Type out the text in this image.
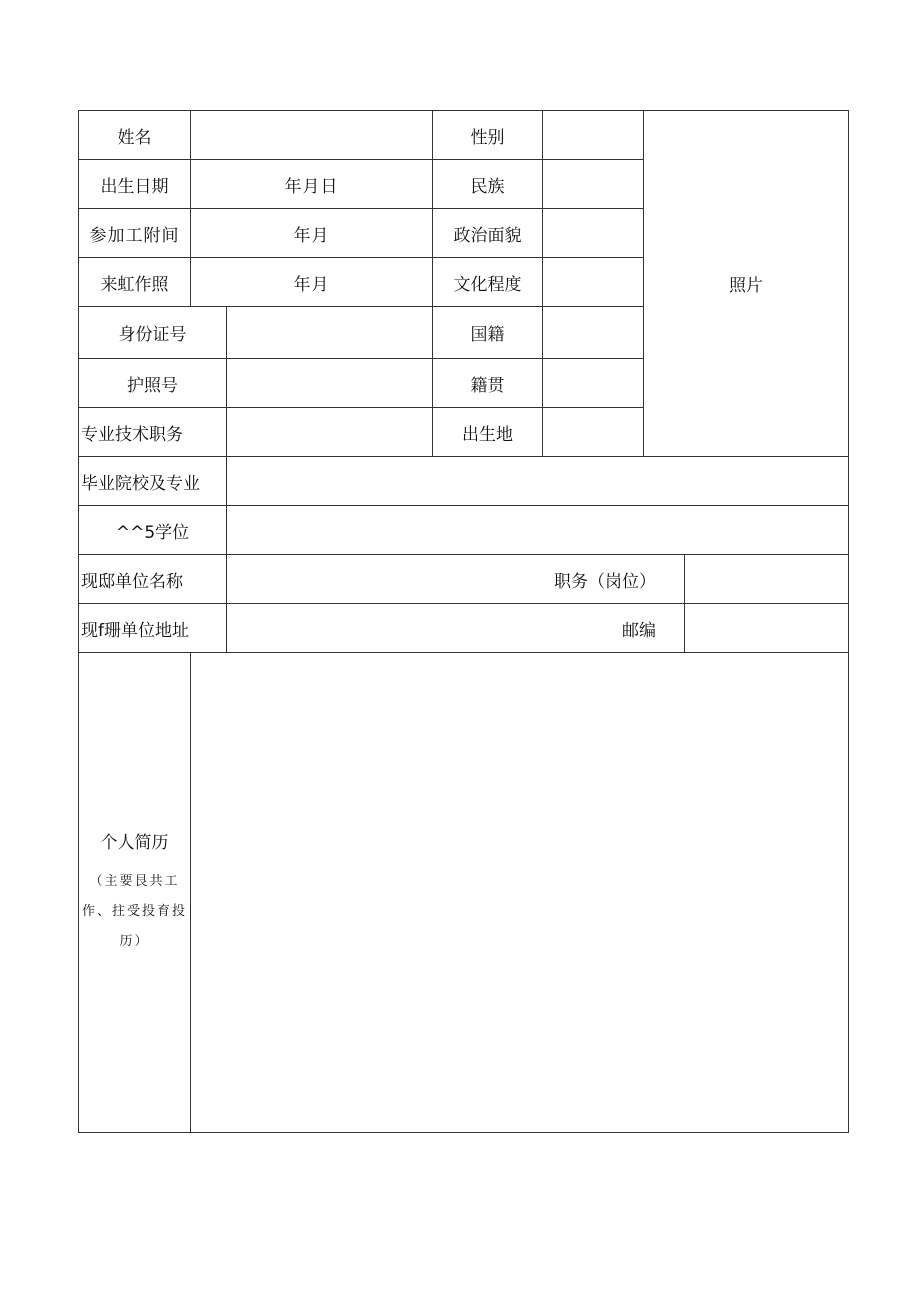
姓名			性别		照片	
出生日期	年月日		民族			
参加工附间	年月		政治面貌			
来虹作照	年月		文化程度			
身份证号			国籍			
护照号			籍贯			
专业技术职务			出生地			
毕业院校及专业						
^^5学位						
现邸单位名称		职务（岗位）				
现f珊单位地址		邮编				

个人简历
（主要艮共工作、拄受投育投历）						
